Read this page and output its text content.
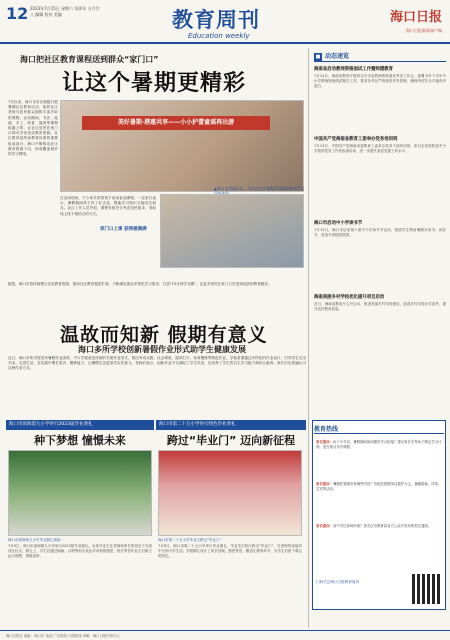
12 2023年7月15日 星期六 癸卯年 五月廿八 编辑 校对 美编	教育周刊
Education weekly
海口日报
海口日报新闻客户端
海口把社区教育课程送到群众“家门口”
让这个暑期更精彩
7月以来，海口市各区积极开展暑期社区教育活动，组织社区老师为居民群众提供丰富多彩的课程。活动期间，书法、绘画、手工、科普、阅读等课程轮番上阵，让社区居民在家门口即可享受优质教育资源。社区教育是终身教育体系的重要组成部分，海口不断推动社区教育资源下沉，形成覆盖城乡的学习网络。
美好暑期·港惠共享——小小护蕾童谣再出游
▲海口市美丽社区，市民在社区课程活动现场参观学习
在活动现场，不少家长带着孩子前来参加课程。一位家长表示，暑假期间孩子有了好去处，既能学习知识又能结交朋友。社区工作人员介绍，课程安排充分考虑居民需求，采取线上线下相结合的方式。
家门口上课 获得感满满
据悉，海口市将持续整合各类教育资源，推动社区教育提质扩面，不断满足群众多样化学习需求，打造“15分钟学习圈”，让更多居民在家门口享受到优质的教育服务。
温故而知新 假期有意义
海口多所学校创新暑假作业形式助学生健康发展
近日，海口多所学校发布暑假作业清单，不少学校改变传统的书面作业形式，推出劳动实践、社会调查、阅读打卡、体育锻炼等特色作业。学校希望通过多样化的作业设计，引导学生走出书本、走进生活，在实践中增长见识、锻炼能力，让暑假生活更加充实有意义。老师们表示，创新作业不仅减轻了学生负担，也培养了学生的自主学习能力和综合素养。家长们也普遍认可这种作业方式。
■ 动态速览
海南省启动教师资格面试工作暨师德教育
7月14日，海南省教育厅组织召开全省教师资格面试考务工作会，部署今年下半年中小学教师资格面试相关工作，要求各考区严格规范考务管理，确保考试安全平稳有序进行。
中国共产党海南省教育工委举办党务培训班
7月13日，中国共产党海南省委教育工委举办党务干部培训班，来自全省高校及中小学校的党务工作者参加培训，进一步提升基层党建工作水平。
海口市启动中小学读书节
7月12日，海口市启动第十届中小学读书节活动，鼓励学生利用暑期多读书、读好书，营造书香校园氛围。
海南美丽乡村学校优化提升项目启动
近日，海南省教育厅召开会议，推进美丽乡村学校建设，改善乡村学校办学条件，提升农村教育质量。
海口市滨海第九小学举行2023届毕业典礼
种下梦想 憧憬未来
海口市滨海第九小学毕业典礼现场
7月9日，海口市滨海第九小学举行2023届毕业典礼，全体毕业生在老师和家长的见证下完成成长仪式。典礼上，学生们通过朗诵、合唱等形式表达对母校的感恩，校长寄语毕业生们树立远大理想、勇敢追梦。
海口市第二十五小学举行特色毕业典礼
跨过“毕业门” 迈向新征程
海口市第二十五小学毕业生跨过“毕业门”
7月8日，海口市第二十五小学举行毕业典礼，毕业生们依次跨过“毕业门”，在老师的祝福声中告别小学生活。学校精心设计了成长回顾、感恩寄语、赠送礼物等环节，为学生们留下难忘的回忆。
教育热线
家长提问：孩子小升初，暑假期间如何做好学习衔接？建议家长引导孩子制定学习计划，适当预习初中课程。
家长提问：暑期托管服务有哪些内容？各校托管服务以看护为主，兼顾阅读、体育、艺术等活动。
家长提问：高中学位如何申请？请关注市教育局官方公众号发布的招生通知。
扫码关注海口日报教育周刊
海口日报社 地址：海口市 电话 广告热线 订阅热线 印刷：海口日报印务中心
